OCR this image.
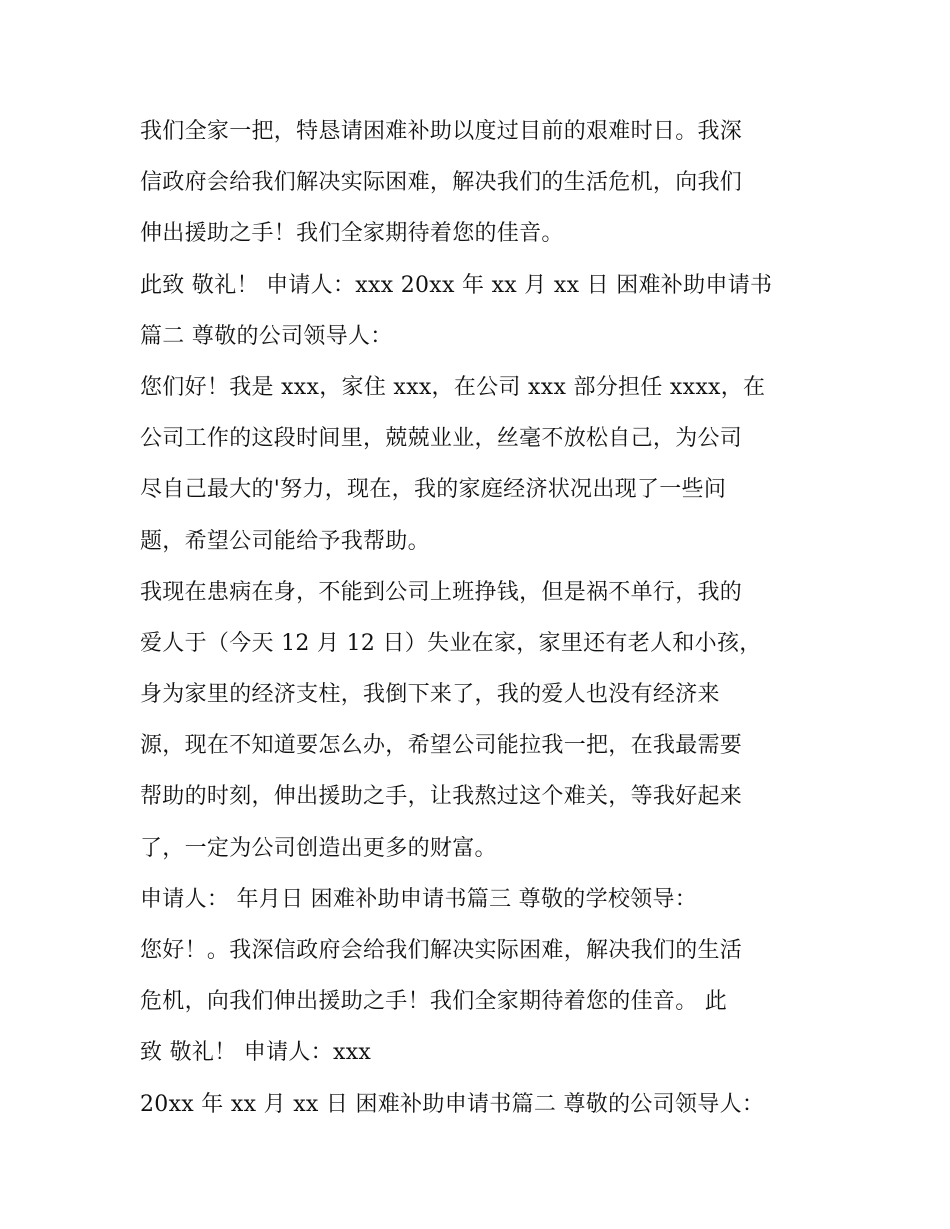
我们全家一把，特恳请困难补助以度过目前的艰难时日。我深
信政府会给我们解决实际困难，解决我们的生活危机，向我们
伸出援助之手！我们全家期待着您的佳音。
此致 敬礼！ 申请人：xxx 20xx 年 xx 月 xx 日 困难补助申请书
篇二 尊敬的公司领导人：
您们好！我是 xxx，家住 xxx，在公司 xxx 部分担任 xxxx，在
公司工作的这段时间里，兢兢业业，丝毫不放松自己，为公司
尽自己最大的'努力，现在，我的家庭经济状况出现了一些问
题，希望公司能给予我帮助。
我现在患病在身，不能到公司上班挣钱，但是祸不单行，我的
爱人于（今天 12 月 12 日）失业在家，家里还有老人和小孩，
身为家里的经济支柱，我倒下来了，我的爱人也没有经济来
源，现在不知道要怎么办，希望公司能拉我一把，在我最需要
帮助的时刻，伸出援助之手，让我熬过这个难关，等我好起来
了，一定为公司创造出更多的财富。
申请人： 年月日 困难补助申请书篇三 尊敬的学校领导：
您好！。我深信政府会给我们解决实际困难，解决我们的生活
危机，向我们伸出援助之手！我们全家期待着您的佳音。 此
致 敬礼！ 申请人：xxx
20xx 年 xx 月 xx 日 困难补助申请书篇二 尊敬的公司领导人：
